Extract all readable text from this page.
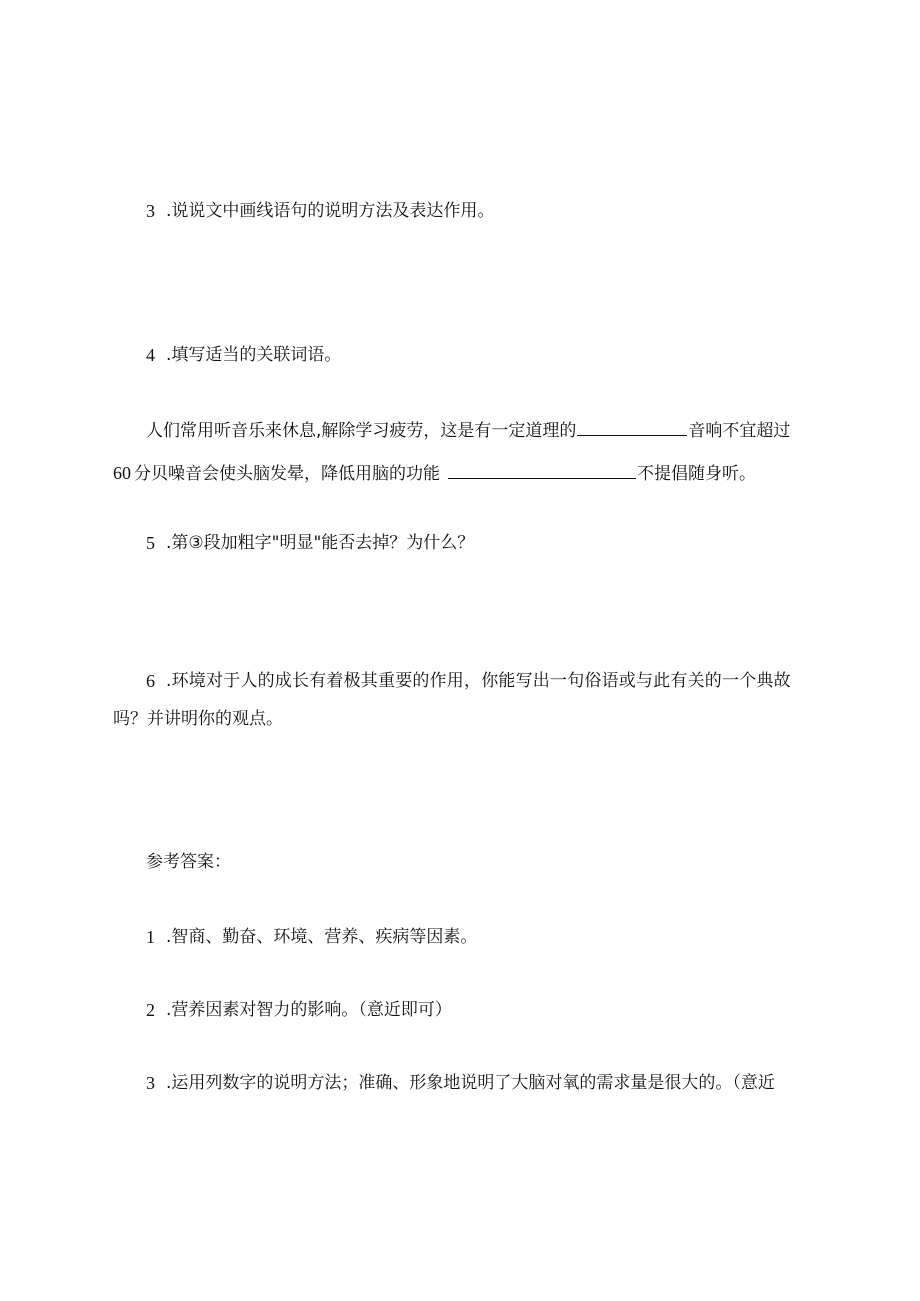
3 .说说文中画线语句的说明方法及表达作用。
4 .填写适当的关联词语。
人们常用听音乐来休息,解除学习疲劳，这是有一定道理的	音响不宜超过
60 分贝噪音会使头脑发晕，降低用脑的功能	不提倡随身听。
5 .第③段加粗字"明显"能否去掉？为什么？
6 .环境对于人的成长有着极其重要的作用，你能写出一句俗语或与此有关的一个典故
吗？并讲明你的观点。
参考答案：
1 .智商、勤奋、环境、营养、疾病等因素。
2 .营养因素对智力的影响。（意近即可）
3 .运用列数字的说明方法；准确、形象地说明了大脑对氧的需求量是很大的。（意近
